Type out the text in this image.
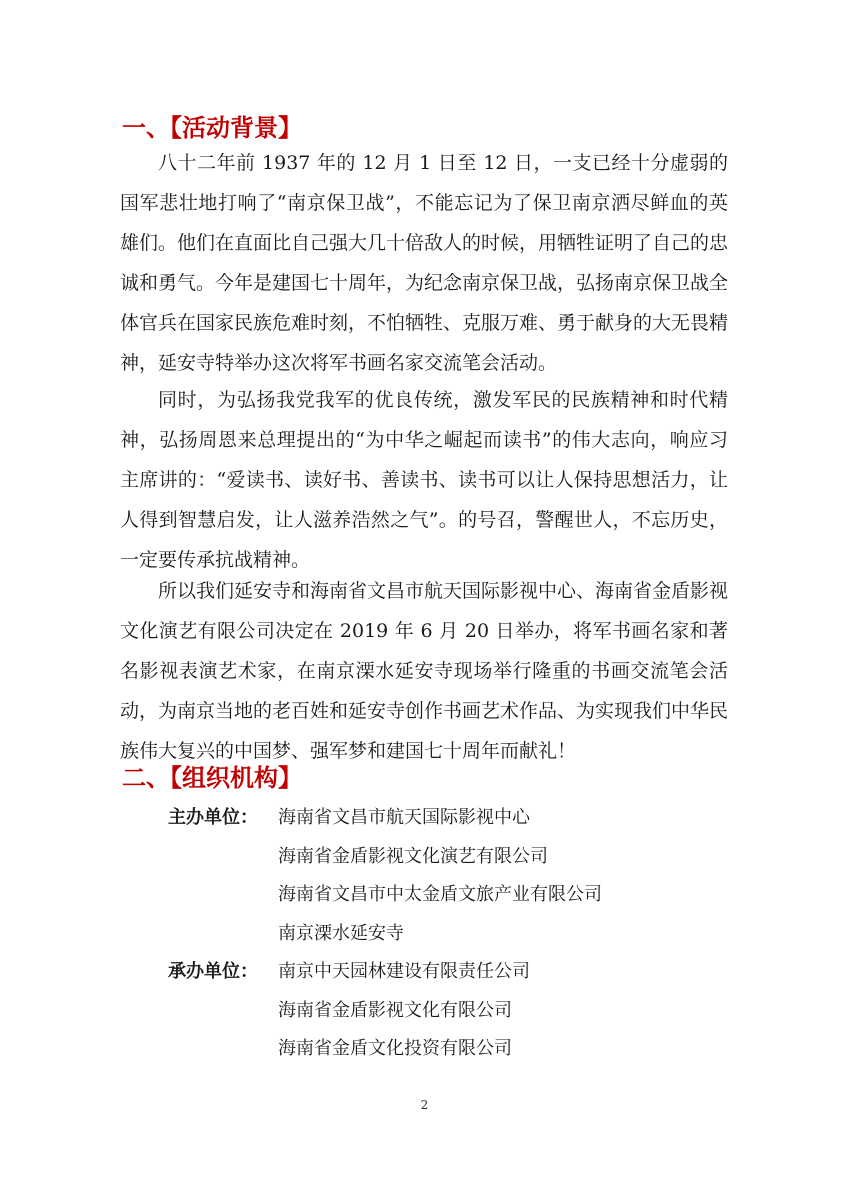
一、【活动背景】
八十二年前 1937 年的 12 月 1 日至 12 日，一支已经十分虚弱的国军悲壮地打响了“南京保卫战”，不能忘记为了保卫南京洒尽鲜血的英雄们。他们在直面比自己强大几十倍敌人的时候，用牺牲证明了自己的忠诚和勇气。今年是建国七十周年，为纪念南京保卫战，弘扬南京保卫战全体官兵在国家民族危难时刻，不怕牺牲、克服万难、勇于献身的大无畏精神，延安寺特举办这次将军书画名家交流笔会活动。
同时，为弘扬我党我军的优良传统，激发军民的民族精神和时代精神，弘扬周恩来总理提出的“为中华之崛起而读书”的伟大志向，响应习主席讲的：“爱读书、读好书、善读书、读书可以让人保持思想活力，让人得到智慧启发，让人滋养浩然之气”。的号召，警醒世人，不忘历史，一定要传承抗战精神。
所以我们延安寺和海南省文昌市航天国际影视中心、海南省金盾影视文化演艺有限公司决定在 2019 年 6 月 20 日举办，将军书画名家和著名影视表演艺术家，在南京溧水延安寺现场举行隆重的书画交流笔会活动，为南京当地的老百姓和延安寺创作书画艺术作品、为实现我们中华民族伟大复兴的中国梦、强军梦和建国七十周年而献礼！
二、【组织机构】
主办单位： 海南省文昌市航天国际影视中心
海南省金盾影视文化演艺有限公司
海南省文昌市中太金盾文旅产业有限公司
南京溧水延安寺
承办单位： 南京中天园林建设有限责任公司
海南省金盾影视文化有限公司
海南省金盾文化投资有限公司
2
